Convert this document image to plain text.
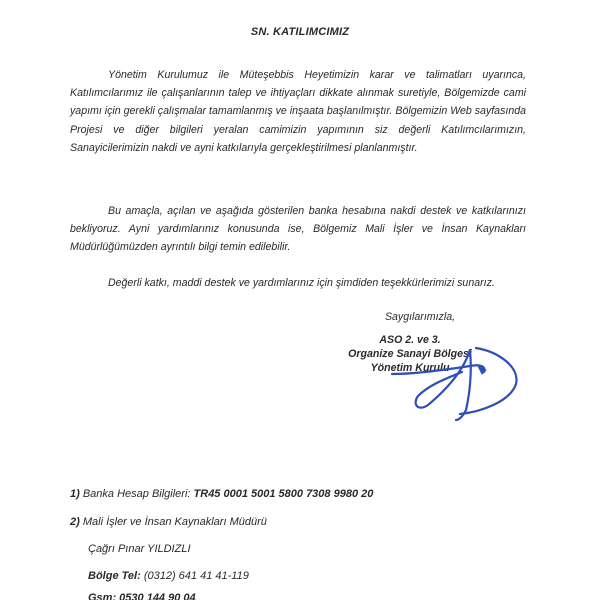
SN. KATILIMCIMIZ

Yönetim Kurulumuz ile Müteşebbis Heyetimizin karar ve talimatları uyarınca, Katılımcılarımız ile çalışanlarının talep ve ihtiyaçları dikkate alınmak suretiyle, Bölgemizde cami yapımı için gerekli çalışmalar tamamlanmış ve inşaata başlanılmıştır. Bölgemizin Web sayfasında Projesi ve diğer bilgileri yeralan camimizin yapımının siz değerli Katılımcılarımızın, Sanayicilerimizin nakdi ve ayni katkılarıyla gerçekleştirilmesi planlanmıştır.

Bu amaçla, açılan ve aşağıda gösterilen banka hesabına nakdi destek ve katkılarınızı bekliyoruz. Ayni yardımlarınız konusunda ise, Bölgemiz Mali İşler ve İnsan Kaynakları Müdürlüğümüzden ayrıntılı bilgi temin edilebilir.

Değerli katkı, maddi destek ve yardımlarınız için şimdiden teşekkürlerimizi sunarız.

Saygılarımızla,
ASO 2. ve 3.
Organize Sanayi Bölgesi
Yönetim Kurulu
1) Banka Hesap Bilgileri: TR45 0001 5001 5800 7308 9980 20
2) Mali İşler ve İnsan Kaynakları Müdürü
Çağrı Pınar YILDIZLI
Bölge Tel: (0312) 641 41 41-119
Gsm: 0530 144 90 04
